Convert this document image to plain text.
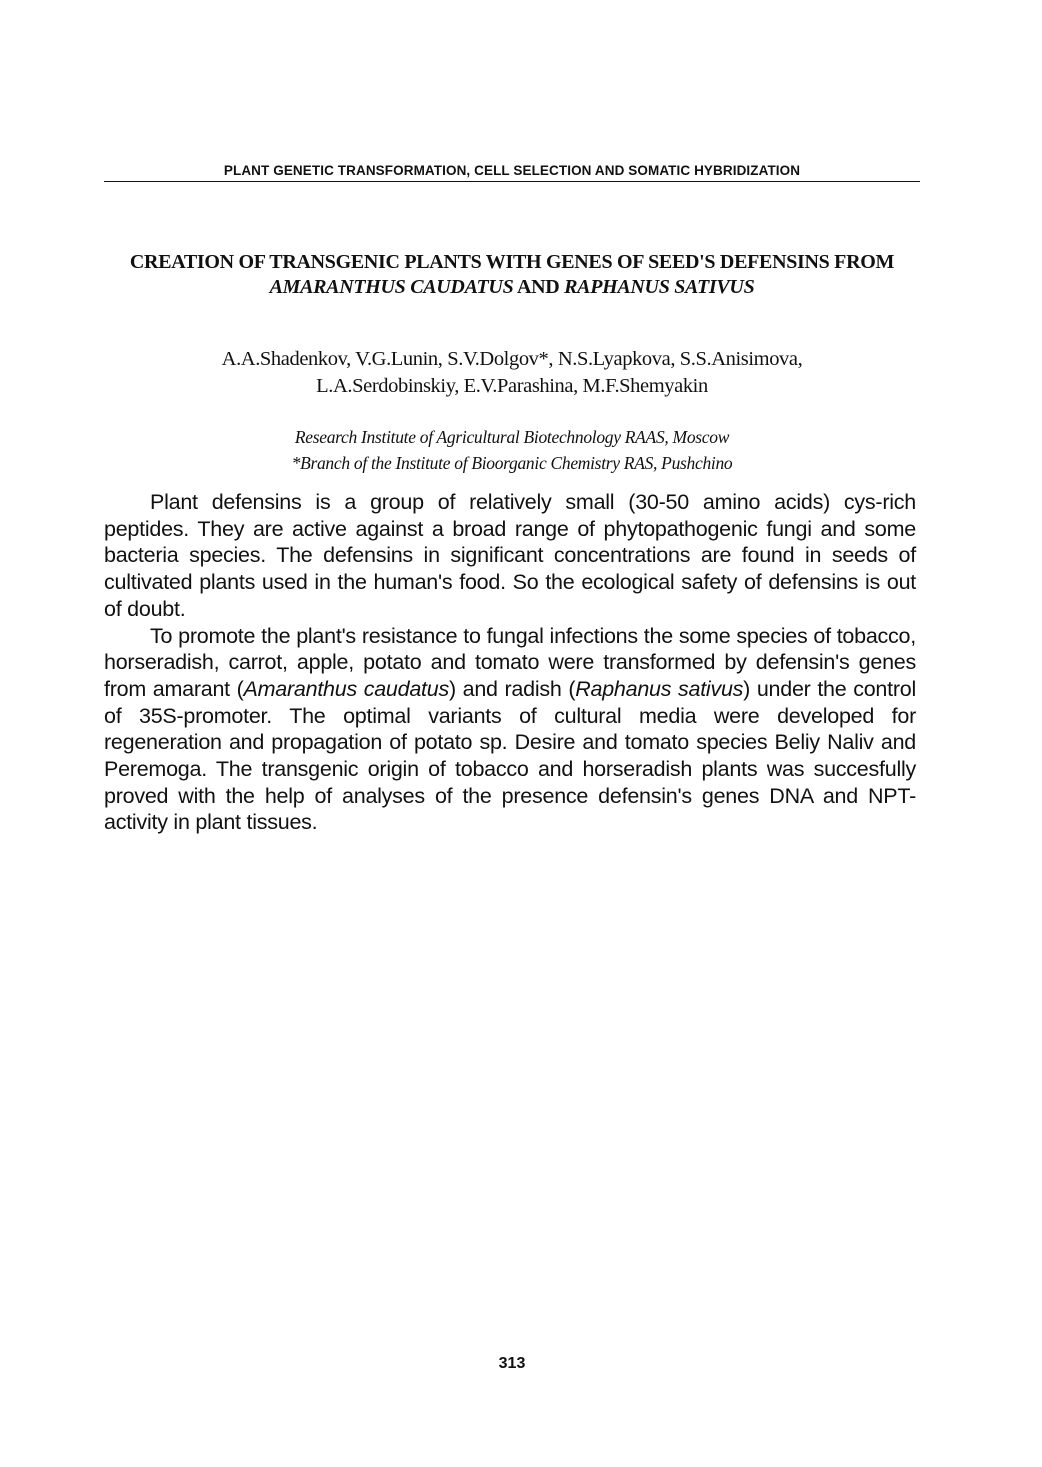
PLANT GENETIC TRANSFORMATION, CELL SELECTION AND SOMATIC HYBRIDIZATION
CREATION OF TRANSGENIC PLANTS WITH GENES OF SEED'S DEFENSINS FROM AMARANTHUS CAUDATUS AND RAPHANUS SATIVUS
A.A.Shadenkov, V.G.Lunin, S.V.Dolgov*, N.S.Lyapkova, S.S.Anisimova,
L.A.Serdobinskiy, E.V.Parashina, M.F.Shemyakin
Research Institute of Agricultural Biotechnology RAAS, Moscow
*Branch of the Institute of Bioorganic Chemistry RAS, Pushchino

Plant defensins is a group of relatively small (30-50 amino acids) cys-rich peptides. They are active against a broad range of phytopathogenic fungi and some bacteria species. The defensins in significant concentrations are found in seeds of cultivated plants used in the human's food. So the ecological safety of defensins is out of doubt.

To promote the plant's resistance to fungal infections the some species of tobacco, horseradish, carrot, apple, potato and tomato were transformed by defensin's genes from amarant (Amaranthus caudatus) and radish (Raphanus sativus) under the control of 35S-promoter. The optimal variants of cultural media were developed for regeneration and propagation of potato sp. Desire and tomato species Beliy Naliv and Peremoga. The transgenic origin of tobacco and horseradish plants was succesfully proved with the help of analyses of the presence defensin's genes DNA and NPT-activity in plant tissues.

313
